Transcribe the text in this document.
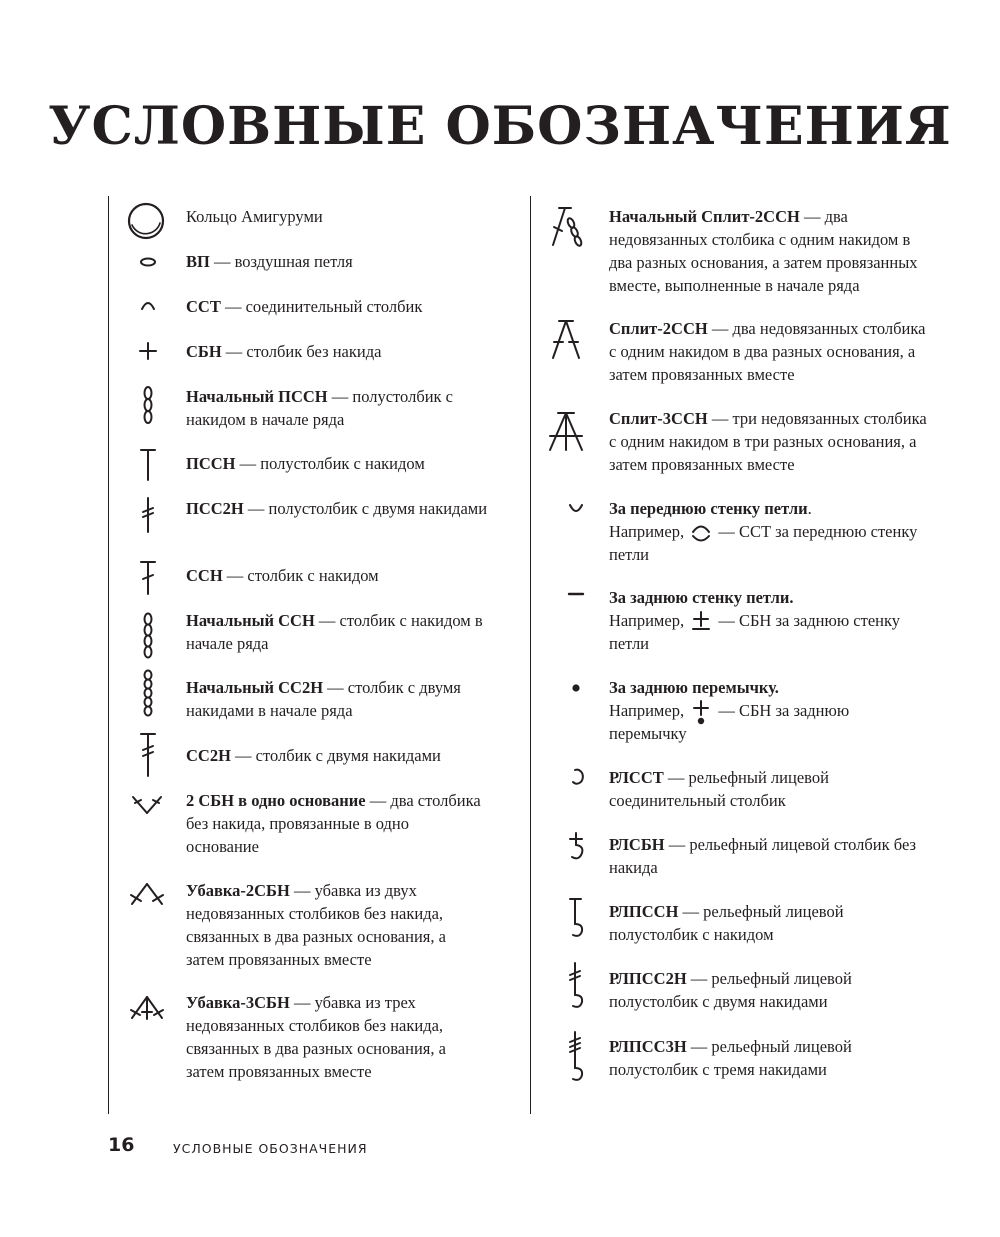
УСЛОВНЫЕ ОБОЗНАЧЕНИЯ
Кольцо Амигуруми
ВП — воздушная петля
ССТ — соединительный столбик
СБН — столбик без накида
Начальный ПССН — полустолбик с накидом в начале ряда
ПССН — полустолбик с накидом
ПСС2Н — полустолбик с двумя накидами
ССН — столбик с накидом
Начальный ССН — столбик с накидом в начале ряда
Начальный СС2Н — столбик с двумя накидами в начале ряда
СС2Н — столбик с двумя накидами
2 СБН в одно основание — два столбика без накида, провязанные в одно основание
Убавка-2СБН — убавка из двух недовязанных столбиков без накида, связанных в два разных основания, а затем провязанных вместе
Убавка-3СБН — убавка из трех недовязанных столбиков без накида, связанных в два разных основания, а затем провязанных вместе
Начальный Сплит-2ССН — два недовязанных столбика с одним накидом в два разных основания, а затем провязанных вместе, выполненные в начале ряда
Сплит-2ССН — два недовязанных столбика с одним накидом в два разных основания, а затем провязанных вместе
Сплит-3ССН — три недовязанных столбика с одним накидом в три разных основания, а затем провязанных вместе
За переднюю стенку петли.
Например,
— ССТ за переднюю стенку петли
За заднюю стенку петли.
Например,
— СБН за заднюю стенку петли
За заднюю перемычку.
Например,
— СБН за заднюю перемычку
РЛССТ — рельефный лицевой соединительный столбик
РЛСБН — рельефный лицевой столбик без накида
РЛПССН — рельефный лицевой полустолбик с накидом
РЛПСС2Н — рельефный лицевой полустолбик с двумя накидами
РЛПСС3Н — рельефный лицевой полустолбик с тремя накидами
16	УСЛОВНЫЕ ОБОЗНАЧЕНИЯ
